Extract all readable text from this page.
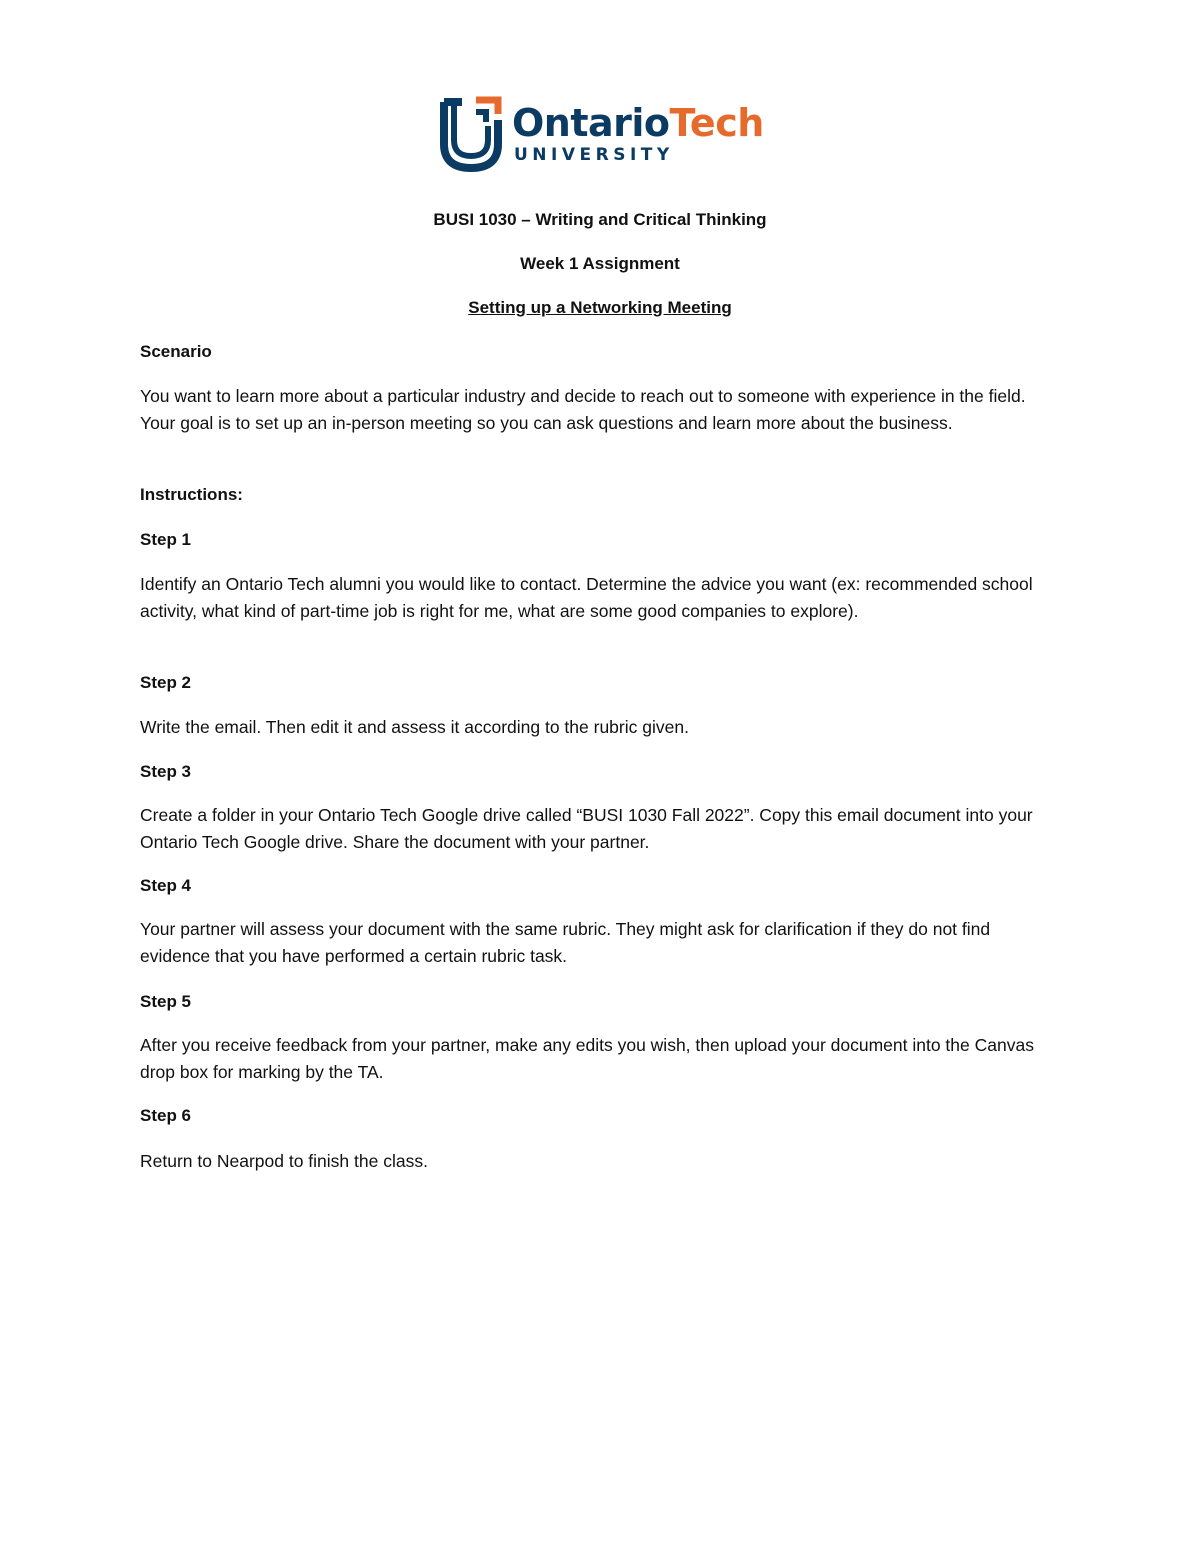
OntarioTech
UNIVERSITY
BUSI 1030 – Writing and Critical Thinking
Week 1 Assignment
Setting up a Networking Meeting
Scenario
You want to learn more about a particular industry and decide to reach out to someone with experience in the field. Your goal is to set up an in-person meeting so you can ask questions and learn more about the business.
Instructions:
Step 1
Identify an Ontario Tech alumni you would like to contact. Determine the advice you want (ex: recommended school activity, what kind of part-time job is right for me, what are some good companies to explore).
Step 2
Write the email. Then edit it and assess it according to the rubric given.
Step 3
Create a folder in your Ontario Tech Google drive called “BUSI 1030 Fall 2022”. Copy this email document into your Ontario Tech Google drive. Share the document with your partner.
Step 4
Your partner will assess your document with the same rubric. They might ask for clarification if they do not find evidence that you have performed a certain rubric task.
Step 5
After you receive feedback from your partner, make any edits you wish, then upload your document into the Canvas drop box for marking by the TA.
Step 6
Return to Nearpod to finish the class.
